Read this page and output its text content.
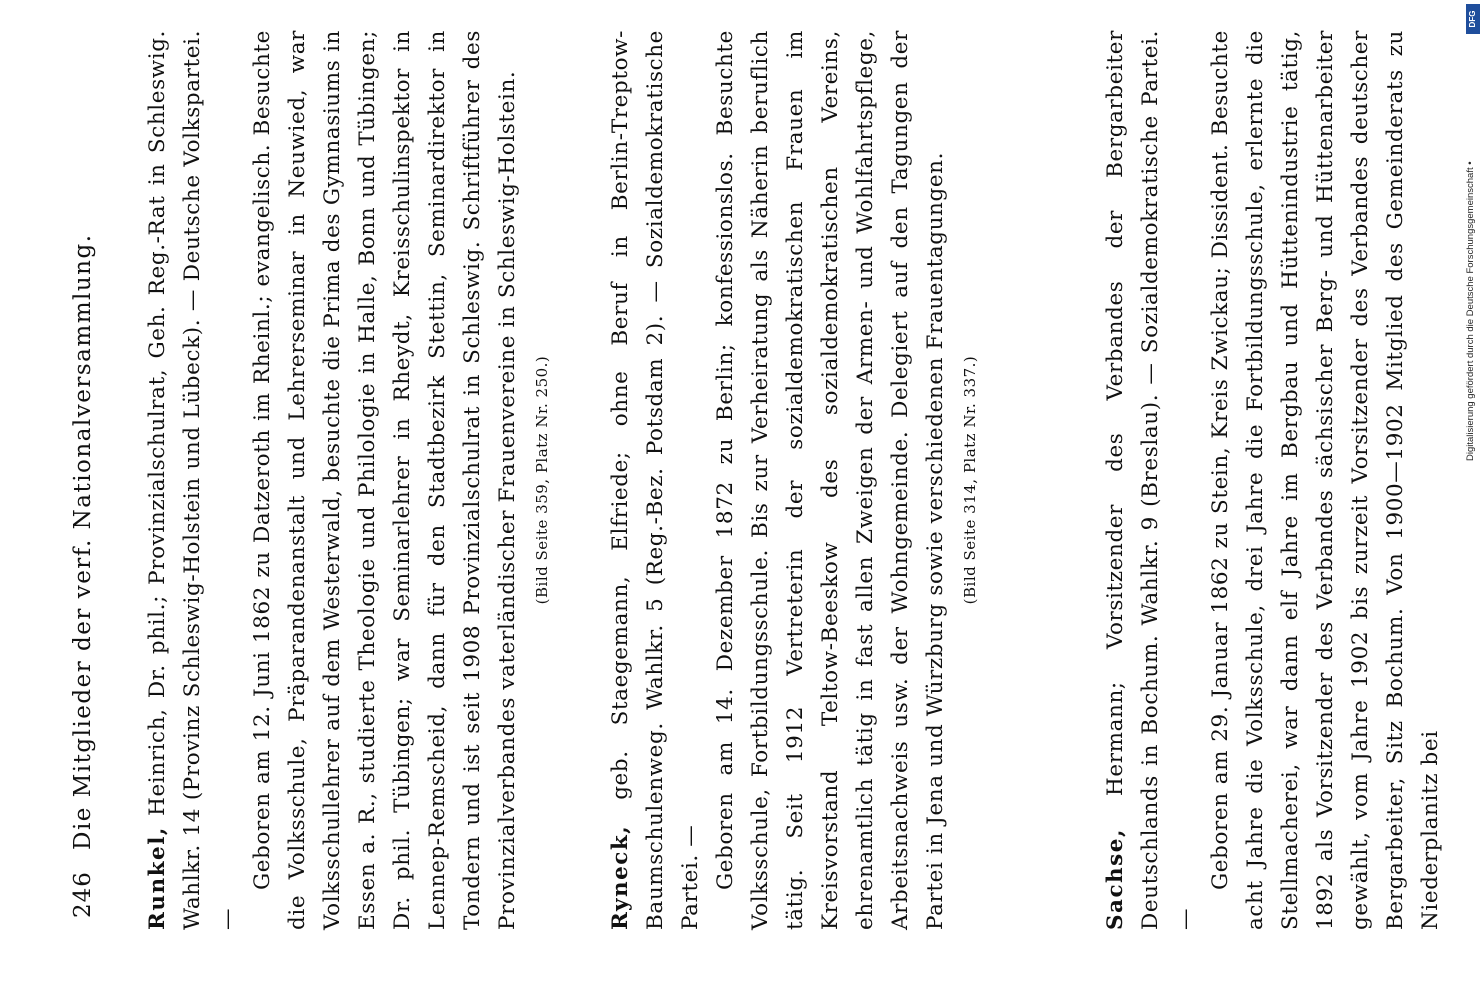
246
Die Mitglieder der verf. Nationalversammlung.

Runkel, Heinrich, Dr. phil.; Provinzialschulrat, Geh. Reg.-Rat in Schleswig. Wahlkr. 14 (Provinz Schleswig-Holstein und Lübeck). — Deutsche Volkspartei. —

Geboren am 12. Juni 1862 zu Datzeroth im Rheinl.; evangelisch. Besuchte die Volksschule, Präparandenanstalt und Lehrerseminar in Neuwied, war Volksschullehrer auf dem Westerwald, besuchte die Prima des Gymnasiums in Essen a. R., studierte Theologie und Philologie in Halle, Bonn und Tübingen; Dr. phil. Tübingen; war Seminarlehrer in Rheydt, Kreisschulinspektor in Lennep-Remscheid, dann für den Stadtbezirk Stettin, Seminardirektor in Tondern und ist seit 1908 Provinzialschulrat in Schleswig. Schriftführer des Provinzialverbandes vaterländischer Frauenvereine in Schleswig-Holstein. (Bild Seite 359, Platz Nr. 250.)

Ryneck, geb. Staegemann, Elfriede; ohne Beruf in Berlin-Treptow-Baumschulenweg. Wahlkr. 5 (Reg.-Bez. Potsdam 2). — Sozialdemokratische Partei. — Geboren am 14. Dezember 1872 zu Berlin; konfessionslos. Besuchte Volksschule, Fortbildungsschule. Bis zur Verheiratung als Näherin beruflich tätig. Seit 1912 Vertreterin der sozialdemokratischen Frauen im Kreisvorstand Teltow-Beeskow des sozialdemokratischen Vereins, ehrenamtlich tätig in fast allen Zweigen der Armen- und Wohlfahrtspflege, Arbeitsnachweis usw. der Wohngemeinde. Delegiert auf den Tagungen der Partei in Jena und Würzburg sowie verschiedenen Frauentagungen. (Bild Seite 314, Platz Nr. 337.)

Sachse, Hermann; Vorsitzender des Verbandes der Bergarbeiter Deutschlands in Bochum. Wahlkr. 9 (Breslau). — Sozialdemokratische Partei. —

Geboren am 29. Januar 1862 zu Stein, Kreis Zwickau; Dissident. Besuchte acht Jahre die Volksschule, drei Jahre die Fortbildungsschule, erlernte die Stellmacherei, war dann elf Jahre im Bergbau und Hüttenindustrie tätig, 1892 als Vorsitzender des Verbandes sächsischer Berg- und Hüttenarbeiter gewählt, vom Jahre 1902 bis zurzeit Vorsitzender des Verbandes deutscher Bergarbeiter, Sitz Bochum. Von 1900—1902 Mitglied des Gemeinderats zu Niederplanitz bei

Digitalisierung gefördert durch die Deutsche Forschungsgemeinschaft •
DFG
